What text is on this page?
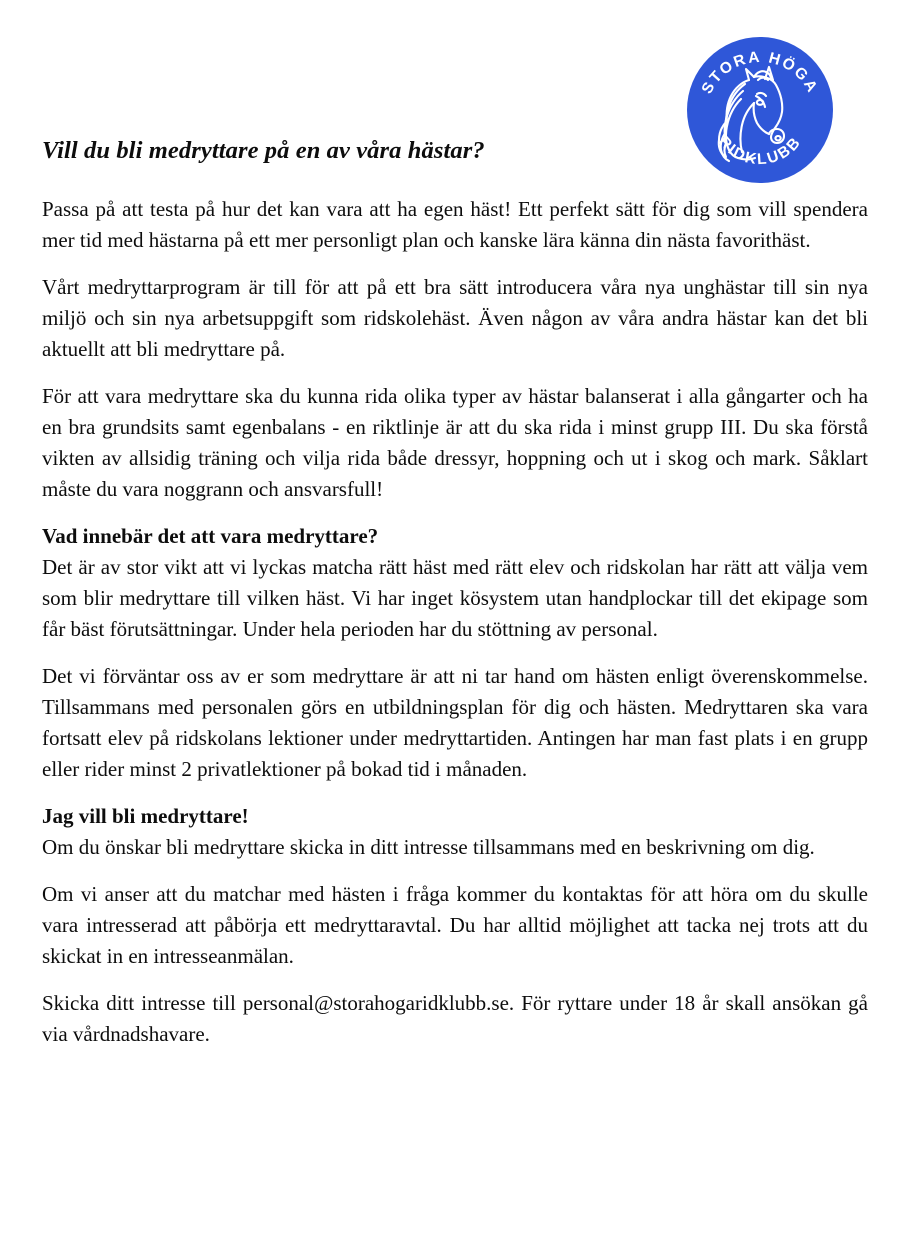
STORA HÖGA
RIDKLUBB
Vill du bli medryttare på en av våra hästar?

Passa på att testa på hur det kan vara att ha egen häst! Ett perfekt sätt för dig som vill spendera mer tid med hästarna på ett mer personligt plan och kanske lära känna din nästa favorithäst.

Vårt medryttarprogram är till för att på ett bra sätt introducera våra nya unghästar till sin nya miljö och sin nya arbetsuppgift som ridskolehäst. Även någon av våra andra hästar kan det bli aktuellt att bli medryttare på.

För att vara medryttare ska du kunna rida olika typer av hästar balanserat i alla gångarter och ha en bra grundsits samt egenbalans - en riktlinje är att du ska rida i minst grupp III. Du ska förstå vikten av allsidig träning och vilja rida både dressyr, hoppning och ut i skog och mark. Såklart måste du vara noggrann och ansvarsfull!

Vad innebär det att vara medryttare?
Det är av stor vikt att vi lyckas matcha rätt häst med rätt elev och ridskolan har rätt att välja vem som blir medryttare till vilken häst. Vi har inget kösystem utan handplockar till det ekipage som får bäst förutsättningar. Under hela perioden har du stöttning av personal.

Det vi förväntar oss av er som medryttare är att ni tar hand om hästen enligt överenskommelse. Tillsammans med personalen görs en utbildningsplan för dig och hästen. Medryttaren ska vara fortsatt elev på ridskolans lektioner under medryttartiden. Antingen har man fast plats i en grupp eller rider minst 2 privatlektioner på bokad tid i månaden.

Jag vill bli medryttare!
Om du önskar bli medryttare skicka in ditt intresse tillsammans med en beskrivning om dig.

Om vi anser att du matchar med hästen i fråga kommer du kontaktas för att höra om du skulle vara intresserad att påbörja ett medryttaravtal. Du har alltid möjlighet att tacka nej trots att du skickat in en intresseanmälan.

Skicka ditt intresse till personal@storahogaridklubb.se. För ryttare under 18 år skall ansökan gå via vårdnadshavare.
